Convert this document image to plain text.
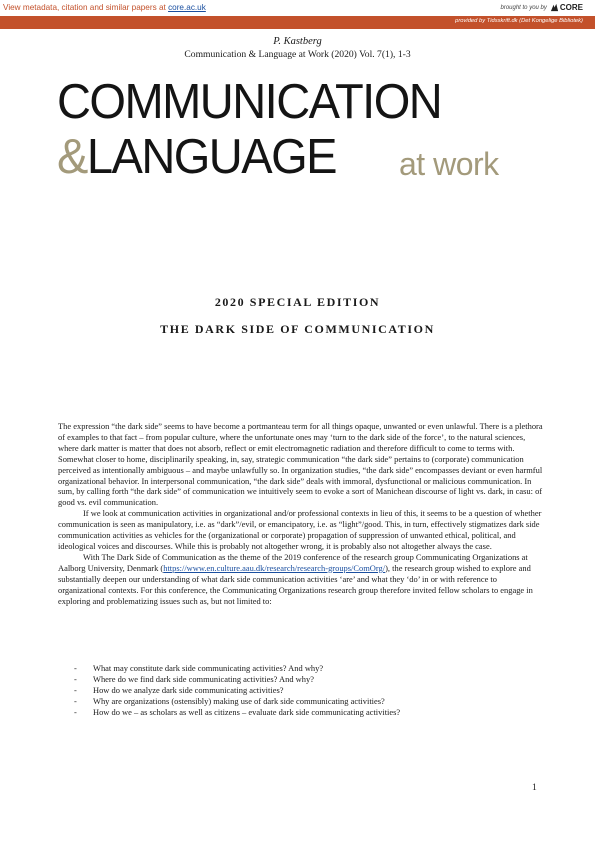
View metadata, citation and similar papers at core.ac.uk	brought to you by CORE
provided by Tidsskrift.dk (Det Kongelige Bibliotek)
P. Kastberg
Communication & Language at Work (2020) Vol. 7(1), 1-3
COMMUNICATION
&LANGUAGE at work
2020 SPECIAL EDITION
THE DARK SIDE OF COMMUNICATION

The expression “the dark side” seems to have become a portmanteau term for all things opaque, unwanted or even unlawful. There is a plethora of examples to that fact – from popular culture, where the unfortunate ones may ‘turn to the dark side of the force’, to the natural sciences, where dark matter is matter that does not absorb, reflect or emit electromagnetic radiation and therefore difficult to come to terms with. Somewhat closer to home, disciplinarily speaking, in, say, strategic communication “the dark side” pertains to (corporate) communication perceived as intentionally ambiguous – and maybe unlawfully so. In organization studies, “the dark side” encompasses deviant or even harmful organizational behavior. In interpersonal communication, “the dark side” deals with immoral, dysfunctional or malicious communication. In sum, by calling forth “the dark side” of communication we intuitively seem to evoke a sort of Manichean discourse of light vs. dark, in casu: of good vs. evil communication.

If we look at communication activities in organizational and/or professional contexts in lieu of this, it seems to be a question of whether communication is seen as manipulatory, i.e. as “dark”/evil, or emancipatory, i.e. as “light”/good. This, in turn, effectively stigmatizes dark side communication activities as vehicles for the (organizational or corporate) propagation of suppression of unwanted ethical, political, and ideological voices and discourses. While this is probably not altogether wrong, it is probably also not altogether always the case.

With The Dark Side of Communication as the theme of the 2019 conference of the research group Communicating Organizations at Aalborg University, Denmark (https://www.en.culture.aau.dk/research/research-groups/ComOrg/), the research group wished to explore and substantially deepen our understanding of what dark side communication activities ‘are’ and what they ‘do’ in or with reference to organizational contexts. For this conference, the Communicating Organizations research group therefore invited fellow scholars to engage in exploring and problematizing issues such as, but not limited to:

- What may constitute dark side communicating activities? And why?
- Where do we find dark side communicating activities? And why?
- How do we analyze dark side communicating activities?
- Why are organizations (ostensibly) making use of dark side communicating activities?
- How do we – as scholars as well as citizens – evaluate dark side communicating activities?
1
